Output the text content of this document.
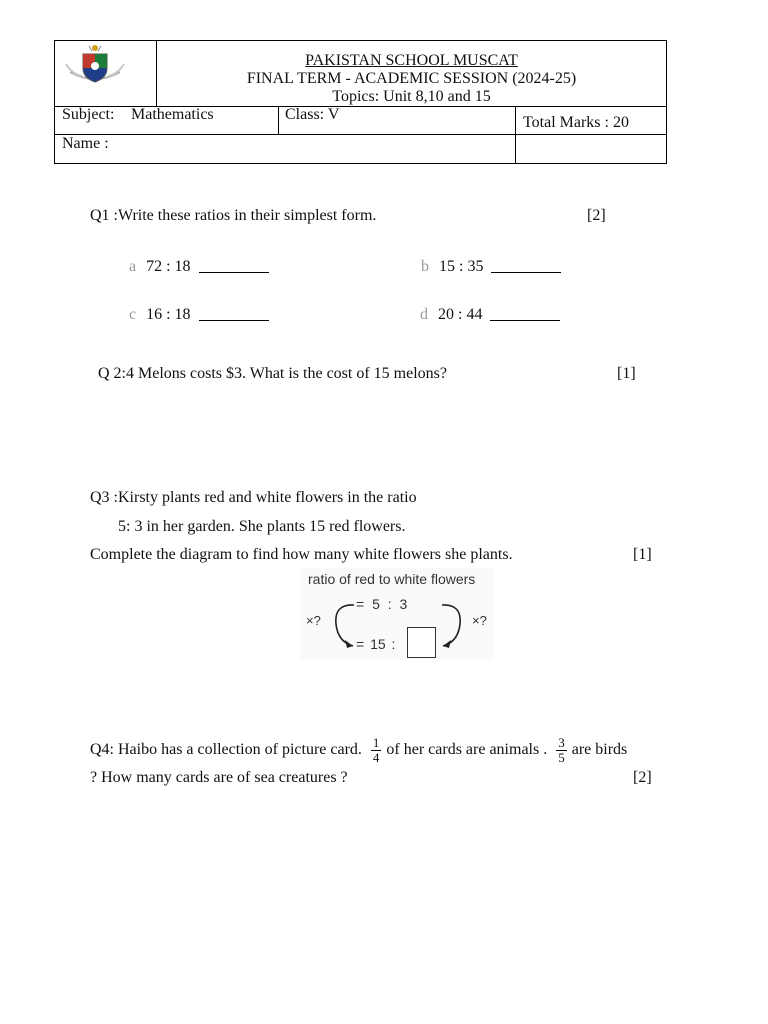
PAKISTAN SCHOOL MUSCAT
FINAL TERM - ACADEMIC SESSION (2024-25)
Topics: Unit 8,10 and 15
Subject: Mathematics	Class: V	Total Marks : 20
Name :
Q1 :Write these ratios in their simplest form.	[2]
a 72 : 18	b 15 : 35
c 16 : 18	d 20 : 44
Q 2:4 Melons costs $3. What is the cost of 15 melons?	[1]
Q3 :Kirsty plants red and white flowers in the ratio
5: 3 in her garden. She plants 15 red flowers.
Complete the diagram to find how many white flowers she plants.	[1]
ratio of red to white flowers
= 5 : 3
= 15 :
×?	×?
Q4: Haibo has a collection of picture card. $\frac{1}{4}$ of her cards are animals . $\frac{3}{5}$ are birds
? How many cards are of sea creatures ?	[2]
